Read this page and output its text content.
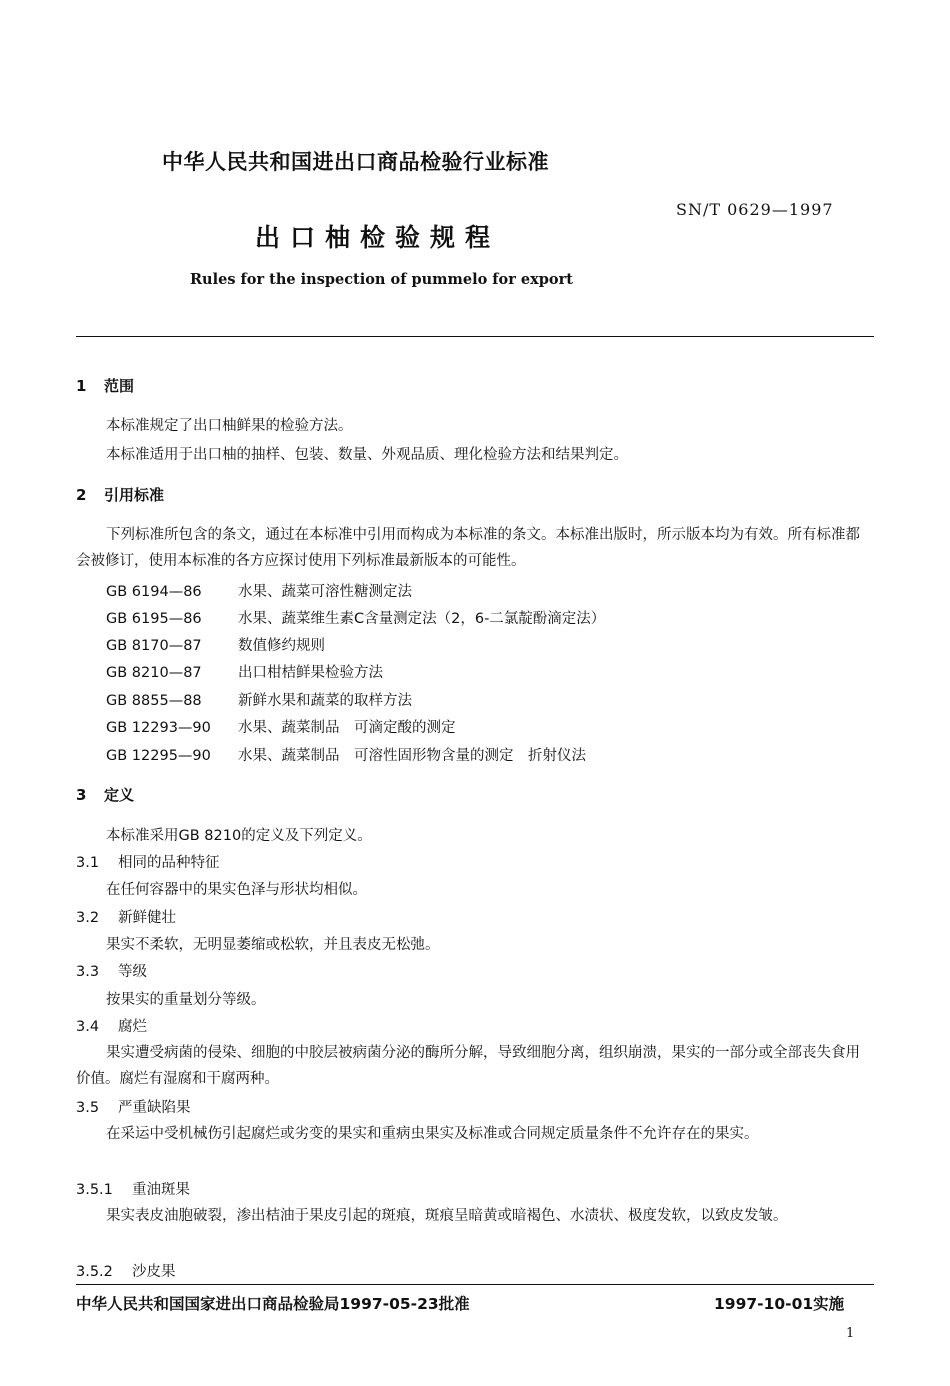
中华人民共和国进出口商品检验行业标准
SN/T 0629—1997
出口柚检验规程
Rules for the inspection of pummelo for export
1 范围
本标准规定了出口柚鲜果的检验方法。
本标准适用于出口柚的抽样、包装、数量、外观品质、理化检验方法和结果判定。
2 引用标准
下列标准所包含的条文，通过在本标准中引用而构成为本标准的条文。本标准出版时，所示版本均为有效。所有标准都会被修订，使用本标准的各方应探讨使用下列标准最新版本的可能性。
GB 6194—86	水果、蔬菜可溶性糖测定法
GB 6195—86	水果、蔬菜维生素C含量测定法（2，6-二氯靛酚滴定法）
GB 8170—87	数值修约规则
GB 8210—87	出口柑桔鲜果检验方法
GB 8855—88	新鲜水果和蔬菜的取样方法
GB 12293—90 水果、蔬菜制品　可滴定酸的测定
GB 12295—90 水果、蔬菜制品　可溶性固形物含量的测定　折射仪法
3 定义
本标准采用GB 8210的定义及下列定义。
3.1 相同的品种特征
在任何容器中的果实色泽与形状均相似。
3.2 新鲜健壮
果实不柔软，无明显萎缩或松软，并且表皮无松弛。
3.3 等级
按果实的重量划分等级。
3.4 腐烂
果实遭受病菌的侵染、细胞的中胶层被病菌分泌的酶所分解，导致细胞分离，组织崩溃，果实的一部分或全部丧失食用价值。腐烂有湿腐和干腐两种。
3.5 严重缺陷果
在采运中受机械伤引起腐烂或劣变的果实和重病虫果实及标准或合同规定质量条件不允许存在的果实。
3.5.1 重油斑果
果实表皮油胞破裂，渗出桔油于果皮引起的斑痕，斑痕呈暗黄或暗褐色、水渍状、极度发软，以致皮发皱。
3.5.2 沙皮果
中华人民共和国国家进出口商品检验局1997-05-23批准	1997-10-01实施
1
